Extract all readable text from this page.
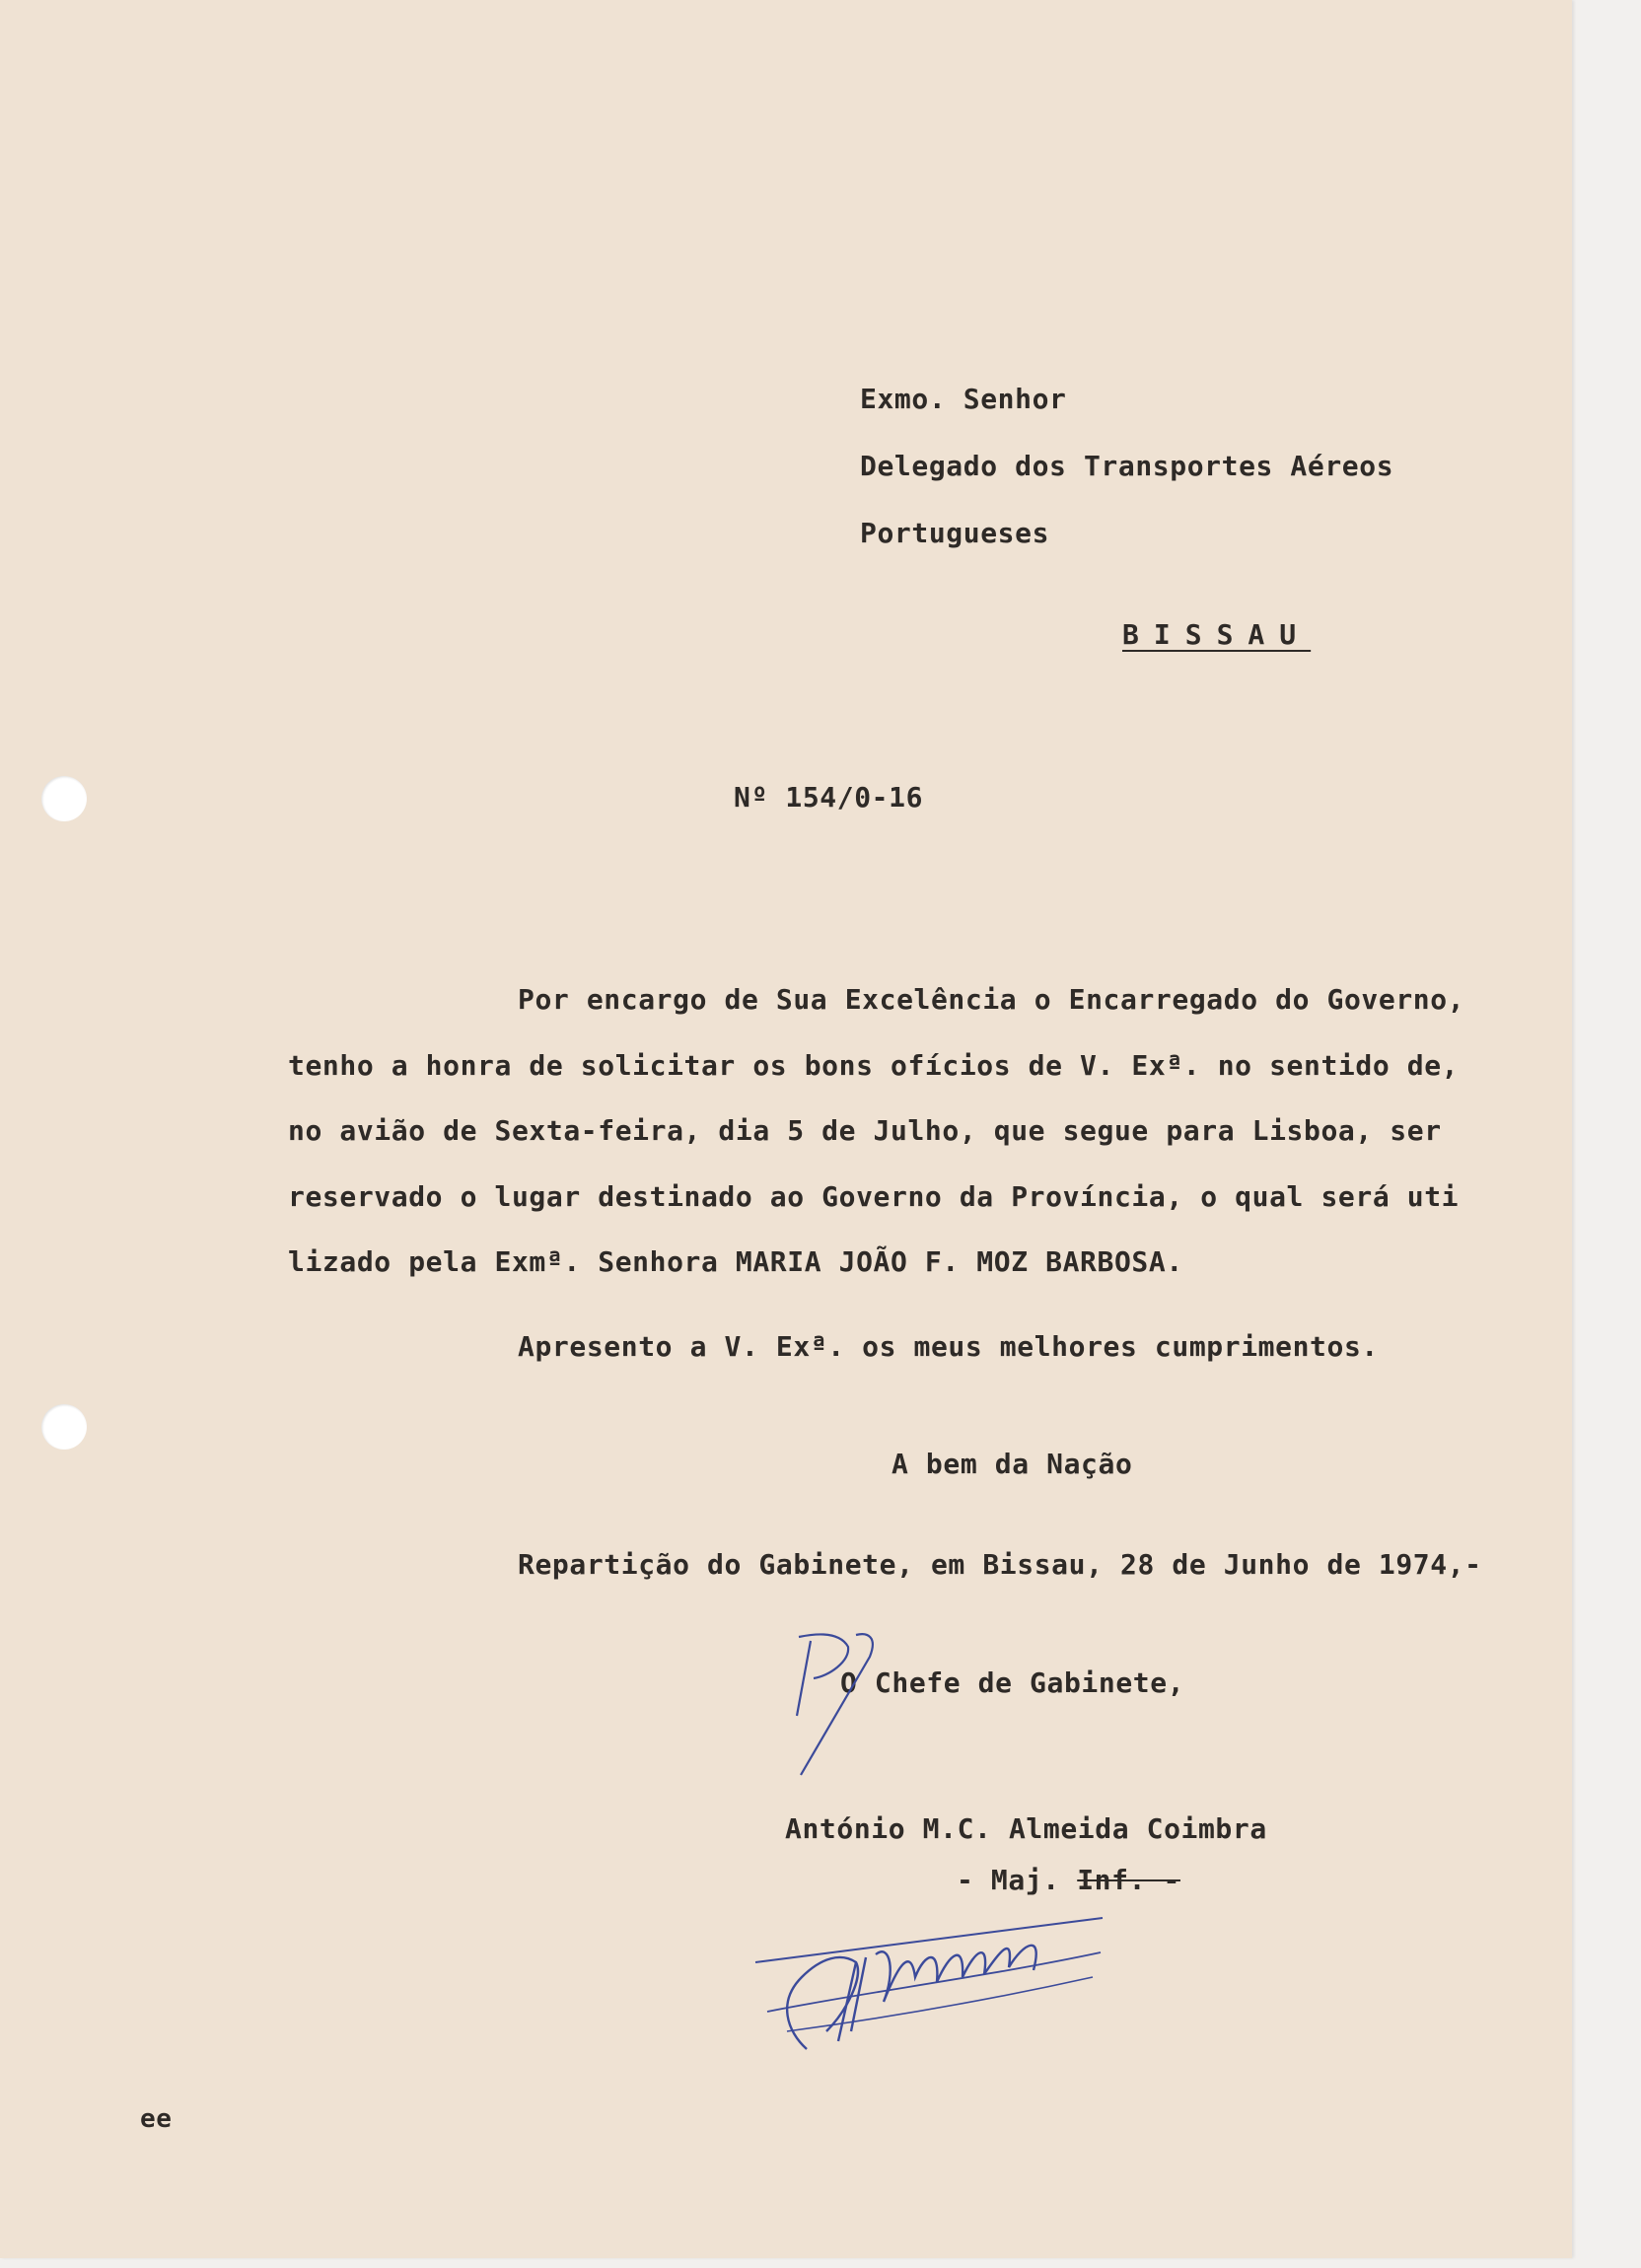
Exmo. Senhor
Delegado dos Transportes Aéreos
Portugueses
BISSAU
Nº 154/0-16
Por encargo de Sua Excelência o Encarregado do Governo,
tenho a honra de solicitar os bons ofícios de V. Exª. no sentido de,
no avião de Sexta-feira, dia 5 de Julho, que segue para Lisboa, ser
reservado o lugar destinado ao Governo da Província, o qual será uti
lizado pela Exmª. Senhora MARIA JOÃO F. MOZ BARBOSA.
Apresento a V. Exª. os meus melhores cumprimentos.
A bem da Nação
Repartição do Gabinete, em Bissau, 28 de Junho de 1974,-
O Chefe de Gabinete,
António M.C. Almeida Coimbra
- Maj. Inf. -
ee
